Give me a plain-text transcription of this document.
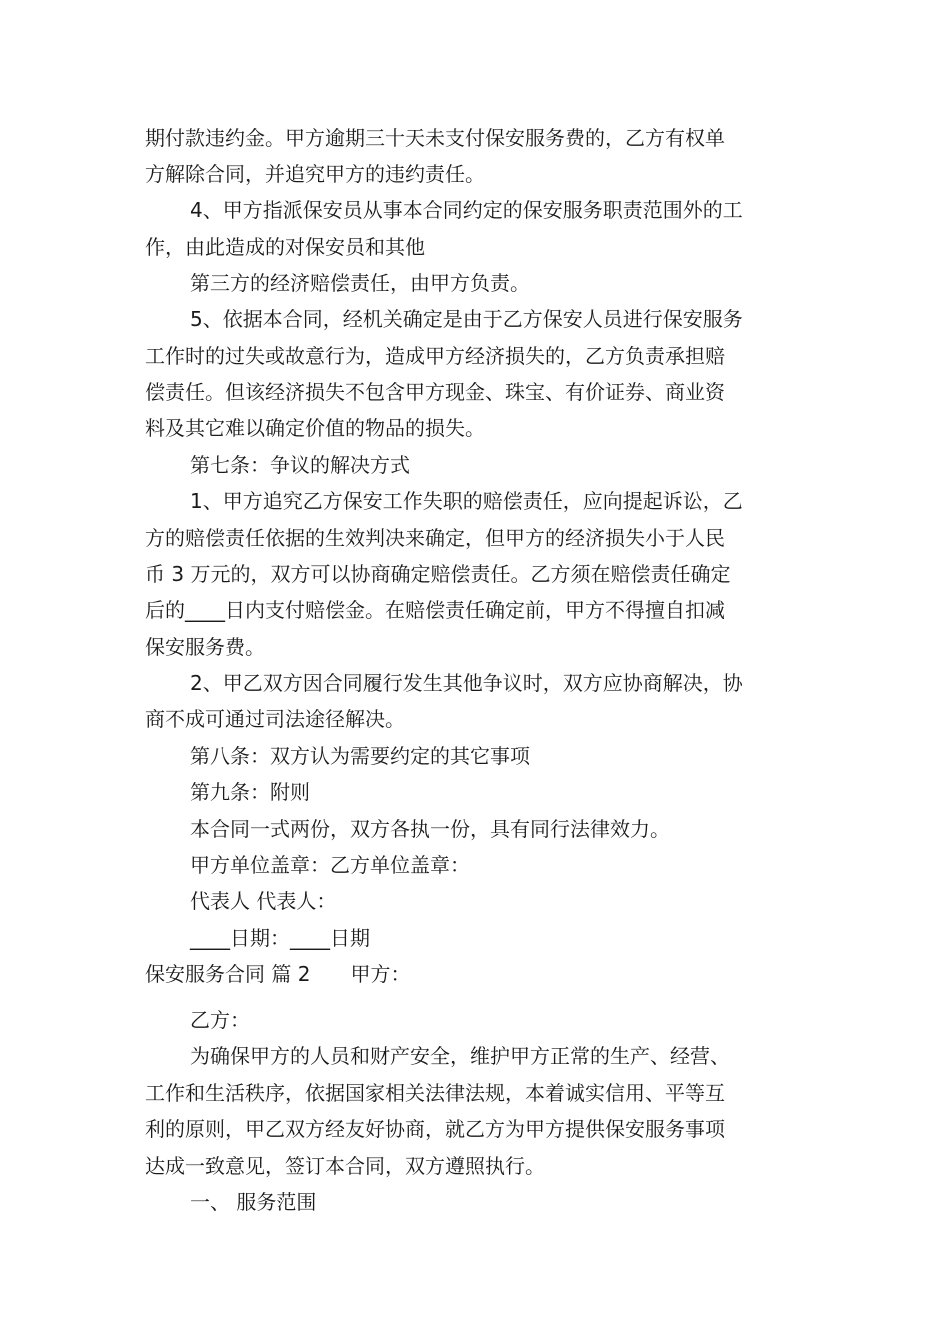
期付款违约金。甲方逾期三十天未支付保安服务费的，乙方有权单
方解除合同，并追究甲方的违约责任。
4、甲方指派保安员从事本合同约定的保安服务职责范围外的工
作，由此造成的对保安员和其他
第三方的经济赔偿责任，由甲方负责。
5、依据本合同，经机关确定是由于乙方保安人员进行保安服务
工作时的过失或故意行为，造成甲方经济损失的，乙方负责承担赔
偿责任。但该经济损失不包含甲方现金、珠宝、有价证券、商业资
料及其它难以确定价值的物品的损失。
第七条：争议的解决方式
1、甲方追究乙方保安工作失职的赔偿责任，应向提起诉讼，乙
方的赔偿责任依据的生效判决来确定，但甲方的经济损失小于人民
币 3 万元的，双方可以协商确定赔偿责任。乙方须在赔偿责任确定
后的____日内支付赔偿金。在赔偿责任确定前，甲方不得擅自扣减
保安服务费。
2、甲乙双方因合同履行发生其他争议时，双方应协商解决，协
商不成可通过司法途径解决。
第八条：双方认为需要约定的其它事项
第九条：附则
本合同一式两份，双方各执一份，具有同行法律效力。
甲方单位盖章：乙方单位盖章：
代表人 代表人：
____日期：____日期
保安服务合同 篇 2　　甲方：
乙方：
为确保甲方的人员和财产安全，维护甲方正常的生产、经营、
工作和生活秩序，依据国家相关法律法规，本着诚实信用、平等互
利的原则，甲乙双方经友好协商，就乙方为甲方提供保安服务事项
达成一致意见，签订本合同，双方遵照执行。
一、 服务范围
